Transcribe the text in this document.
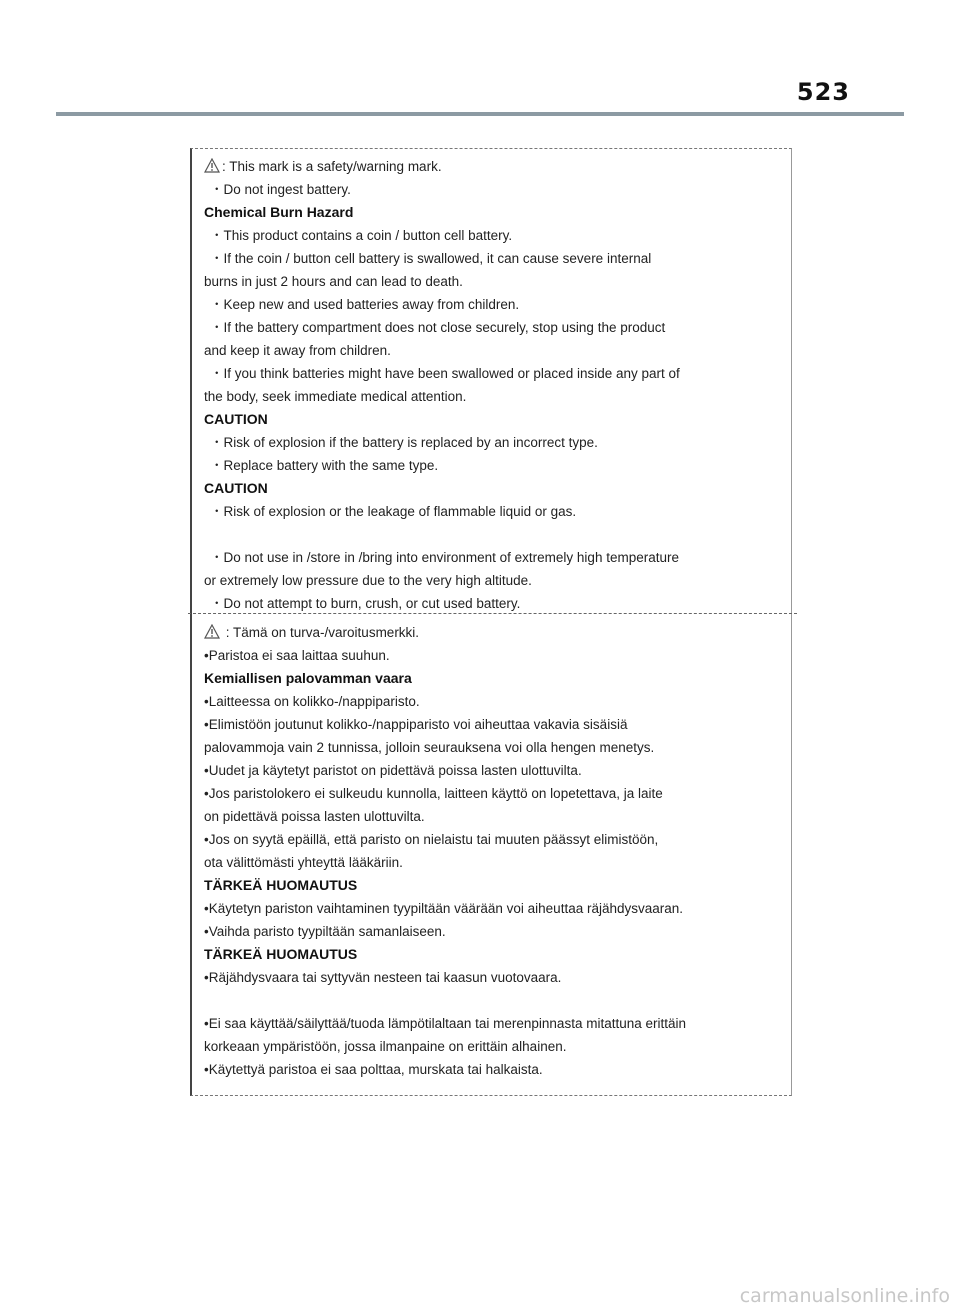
523
: This mark is a safety/warning mark.
・Do not ingest battery.
Chemical Burn Hazard
・This product contains a coin / button cell battery.
・If the coin / button cell battery is swallowed, it can cause severe internal
burns in just 2 hours and can lead to death.
・Keep new and used batteries away from children.
・If the battery compartment does not close securely, stop using the product
and keep it away from children.
・If you think batteries might have been swallowed or placed inside any part of
the body, seek immediate medical attention.
CAUTION
・Risk of explosion if the battery is replaced by an incorrect type.
・Replace battery with the same type.
CAUTION
・Risk of explosion or the leakage of flammable liquid or gas.
・Do not use in /store in /bring into environment of extremely high temperature
or extremely low pressure due to the very high altitude.
・Do not attempt to burn, crush, or cut used battery.
: Tämä on turva-/varoitusmerkki.
•Paristoa ei saa laittaa suuhun.
Kemiallisen palovamman vaara
•Laitteessa on kolikko-/nappiparisto.
•Elimistöön joutunut kolikko-/nappiparisto voi aiheuttaa vakavia sisäisiä
palovammoja vain 2 tunnissa, jolloin seurauksena voi olla hengen menetys.
•Uudet ja käytetyt paristot on pidettävä poissa lasten ulottuvilta.
•Jos paristolokero ei sulkeudu kunnolla, laitteen käyttö on lopetettava, ja laite
on pidettävä poissa lasten ulottuvilta.
•Jos on syytä epäillä, että paristo on nielaistu tai muuten päässyt elimistöön,
ota välittömästi yhteyttä lääkäriin.
TÄRKEÄ HUOMAUTUS
•Käytetyn pariston vaihtaminen tyypiltään väärään voi aiheuttaa räjähdysvaaran.
•Vaihda paristo tyypiltään samanlaiseen.
TÄRKEÄ HUOMAUTUS
•Räjähdysvaara tai syttyvän nesteen tai kaasun vuotovaara.
•Ei saa käyttää/säilyttää/tuoda lämpötilaltaan tai merenpinnasta mitattuna erittäin
korkeaan ympäristöön, jossa ilmanpaine on erittäin alhainen.
•Käytettyä paristoa ei saa polttaa, murskata tai halkaista.
carmanualsonline.info
